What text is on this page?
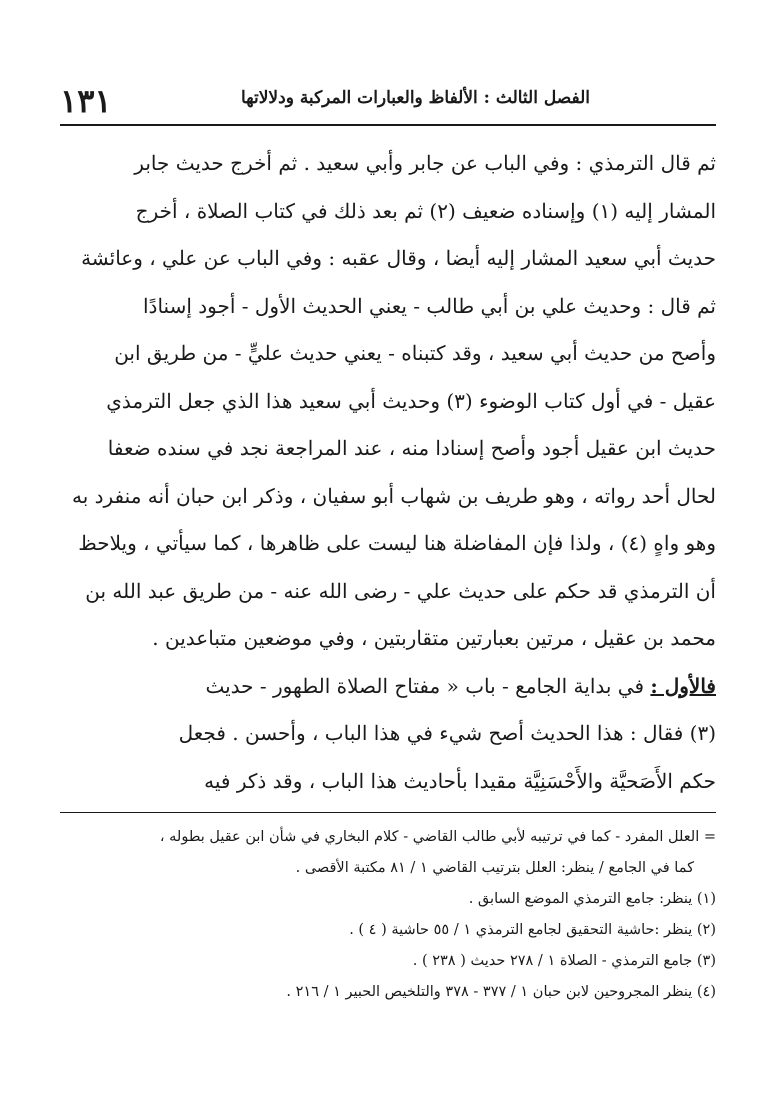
١٣١	الفصل الثالث : الألفاظ والعبارات المركبة ودلالاتها
ثم قال الترمذي : وفي الباب عن جابر وأبي سعيد . ثم أخرج حديث جابر
المشار إليه (١) وإسناده ضعيف (٢) ثم بعد ذلك في كتاب الصلاة ، أخرج
حديث أبي سعيد المشار إليه أيضا ، وقال عقبه : وفي الباب عن علي ، وعائشة
ثم قال : وحديث علي بن أبي طالب - يعني الحديث الأول - أجود إسنادًا
وأصح من حديث أبي سعيد ، وقد كتبناه - يعني حديث عليٍّ - من طريق ابن
عقيل - في أول كتاب الوضوء (٣) وحديث أبي سعيد هذا الذي جعل الترمذي
حديث ابن عقيل أجود وأصح إسنادا منه ، عند المراجعة نجد في سنده ضعفا
لحال أحد رواته ، وهو طريف بن شهاب أبو سفيان ، وذكر ابن حبان أنه منفرد به
وهو واهٍ (٤) ، ولذا فإن المفاضلة هنا ليست على ظاهرها ، كما سيأتي ، ويلاحظ
أن الترمذي قد حكم على حديث علي - رضى الله عنه - من طريق عبد الله بن
محمد بن عقيل ، مرتين بعبارتين متقاربتين ، وفي موضعين متباعدين .
فالأول : في بداية الجامع - باب « مفتاح الصلاة الطهور - حديث
(٣) فقال : هذا الحديث أصح شيء في هذا الباب ، وأحسن . فجعل
حكم الأَصَحيَّة والأَحْسَنِيَّة مقيدا بأحاديث هذا الباب ، وقد ذكر فيه
= العلل المفرد - كما في ترتيبه لأبي طالب القاضي - كلام البخاري في شأن ابن عقيل بطوله ،
كما في الجامع / ينظر: العلل بترتيب القاضي ١ / ٨١ مكتبة الأقصى .
(١) ينظر: جامع الترمذي الموضع السابق .
(٢) ينظر :حاشية التحقيق لجامع الترمذي ١ / ٥٥ حاشية ( ٤ ) .
(٣) جامع الترمذي - الصلاة ١ / ٢٧٨ حديث ( ٢٣٨ ) .
(٤) ينظر المجروحين لابن حبان ١ / ٣٧٧ - ٣٧٨ والتلخيص الحبير ١ / ٢١٦ .
